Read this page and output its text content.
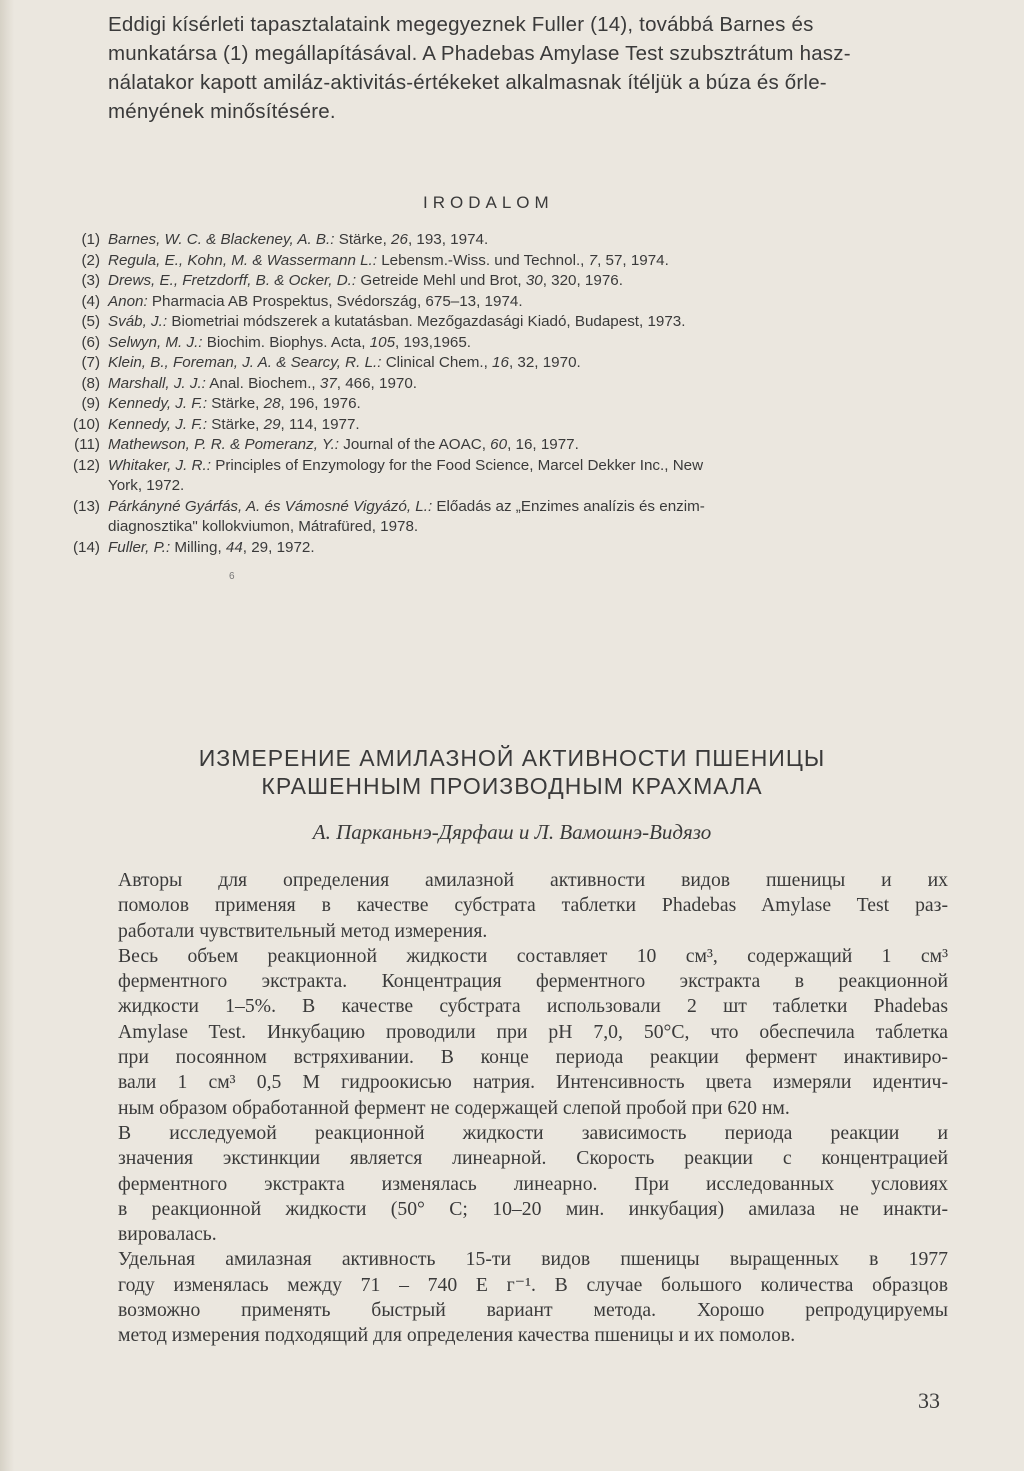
Eddigi kísérleti tapasztalataink megegyeznek Fuller (14), továbbá Barnes és
munkatársa (1) megállapításával. A Phadebas Amylase Test szubsztrátum hasz-
nálatakor kapott amiláz-aktivitás-értékeket alkalmasnak ítéljük a búza és őrle-
ményének minősítésére.
IRODALOM
(1) Barnes, W. C. & Blackeney, A. B.: Stärke, 26, 193, 1974.
(2) Regula, E., Kohn, M. & Wassermann L.: Lebensm.-Wiss. und Technol., 7, 57, 1974.
(3) Drews, E., Fretzdorff, B. & Ocker, D.: Getreide Mehl und Brot, 30, 320, 1976.
(4) Anon: Pharmacia AB Prospektus, Svédország, 675–13, 1974.
(5) Sváb, J.: Biometriai módszerek a kutatásban. Mezőgazdasági Kiadó, Budapest, 1973.
(6) Selwyn, M. J.: Biochim. Biophys. Acta, 105, 193,1965.
(7) Klein, B., Foreman, J. A. & Searcy, R. L.: Clinical Chem., 16, 32, 1970.
(8) Marshall, J. J.: Anal. Biochem., 37, 466, 1970.
(9) Kennedy, J. F.: Stärke, 28, 196, 1976.
(10) Kennedy, J. F.: Stärke, 29, 114, 1977.
(11) Mathewson, P. R. & Pomeranz, Y.: Journal of the AOAC, 60, 16, 1977.
(12) Whitaker, J. R.: Principles of Enzymology for the Food Science, Marcel Dekker Inc., New
York, 1972.
(13) Párkányné Gyárfás, A. és Vámosné Vigyázó, L.: Előadás az „Enzimes analízis és enzim-
diagnosztika" kollokviumon, Mátrafüred, 1978.
(14) Fuller, P.: Milling, 44, 29, 1972.
6
ИЗМЕРЕНИЕ АМИЛАЗНОЙ АКТИВНОСТИ ПШЕНИЦЫ
КРАШЕННЫМ ПРОИЗВОДНЫМ КРАХМАЛА
А. Парканьнэ-Дярфаш и Л. Вамошнэ-Видязо
Авторы для определения амилазной активности видов пшеницы и их
помолов применяя в качестве субстрата таблетки Phadebas Amylase Test раз-
работали чувствительный метод измерения.
Весь объем реакционной жидкости составляет 10 см³, содержащий 1 см³
ферментного экстракта. Концентрация ферментного экстракта в реакционной
жидкости 1–5%. В качестве субстрата использовали 2 шт таблетки Phadebas
Amylase Test. Инкубацию проводили при pH 7,0, 50°С, что обеспечила таблетка
при посоянном встряхивании. В конце периода реакции фермент инактивиро-
вали 1 см³ 0,5 М гидроокисью натрия. Интенсивность цвета измеряли идентич-
ным образом обработанной фермент не содержащей слепой пробой при 620 нм.
В исследуемой реакционной жидкости зависимость периода реакции и
значения экстинкции является линеарной. Скорость реакции с концентрацией
ферментного экстракта изменялась линеарно. При исследованных условиях
в реакционной жидкости (50° С; 10–20 мин. инкубация) амилаза не инакти-
вировалась.
Удельная амилазная активность 15-ти видов пшеницы выращенных в 1977
году изменялась между 71 – 740 Е г⁻¹. В случае большого количества образцов
возможно применять быстрый вариант метода. Хорошо репродуцируемы
метод измерения подходящий для определения качества пшеницы и их помолов.
33
